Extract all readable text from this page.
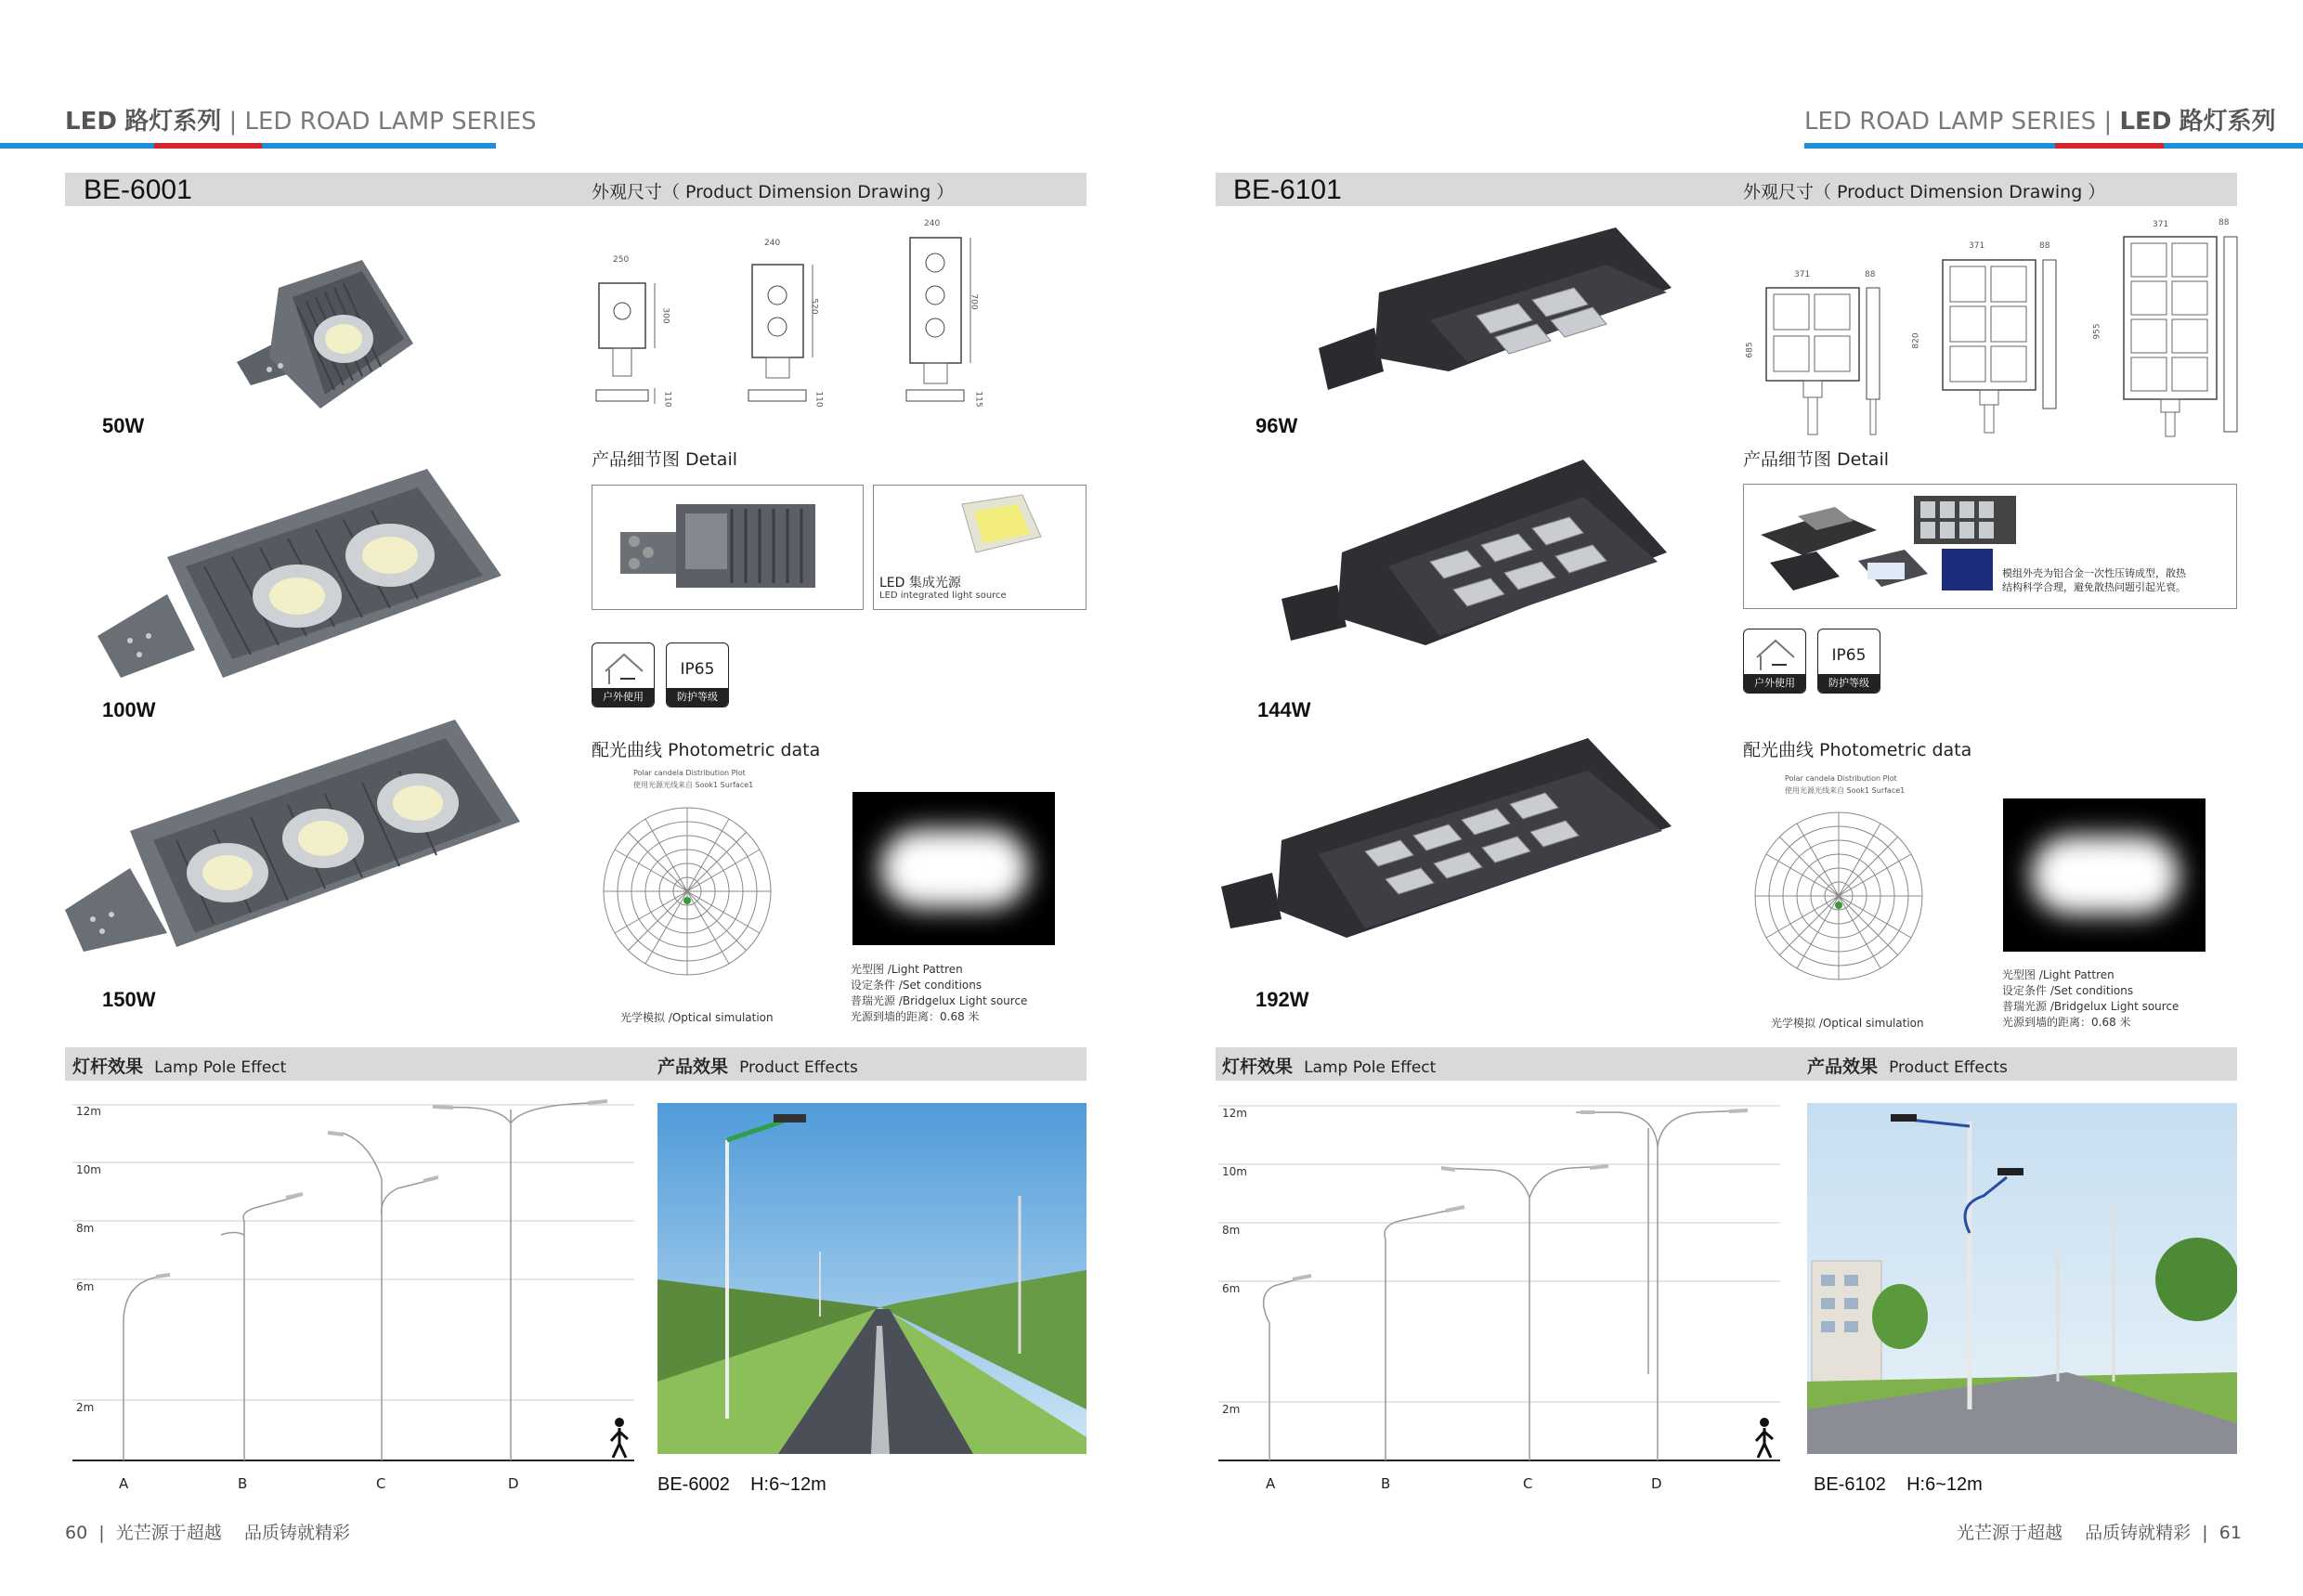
LED 路灯系列 | LED ROAD LAMP SERIES
BE-6001	外观尺寸（ Product Dimension Drawing ）
50W
100W
150W
250
300
110
240
520
110
240
700
115
产品细节图 Detail
LED 集成光源
LED integrated light source
户外使用
IP65
防护等级
配光曲线 Photometric data
Polar candela Distribution Plot
使用光源光线来自 Sook1 Surface1
光学模拟 /Optical simulation
光型图 /Light Pattren
设定条件 /Set conditions
普瑞光源 /Bridgelux Light source
光源到墙的距离：0.68 米
灯杆效果 Lamp Pole Effect	产品效果 Product Effects
12m
10m
8m
6m
2m
A	B	C	D	BE-6002 H:6~12m
60 | 光芒源于超越    品质铸就精彩
LED ROAD LAMP SERIES | LED 路灯系列
BE-6101	外观尺寸（ Product Dimension Drawing ）
96W
144W
192W
371	88
685
371	88
820
371	88
955
产品细节图 Detail
模组外壳为铝合金一次性压铸成型，散热
结构科学合理，避免散热问题引起光衰。
户外使用
IP65
防护等级
配光曲线 Photometric data
Polar candela Distribution Plot
使用光源光线来自 Sook1 Surface1
光学模拟 /Optical simulation
光型图 /Light Pattren
设定条件 /Set conditions
普瑞光源 /Bridgelux Light source
光源到墙的距离：0.68 米
灯杆效果 Lamp Pole Effect	产品效果 Product Effects
12m
10m
8m
6m
2m
A	B	C	D	BE-6102 H:6~12m
光芒源于超越    品质铸就精彩 | 61
